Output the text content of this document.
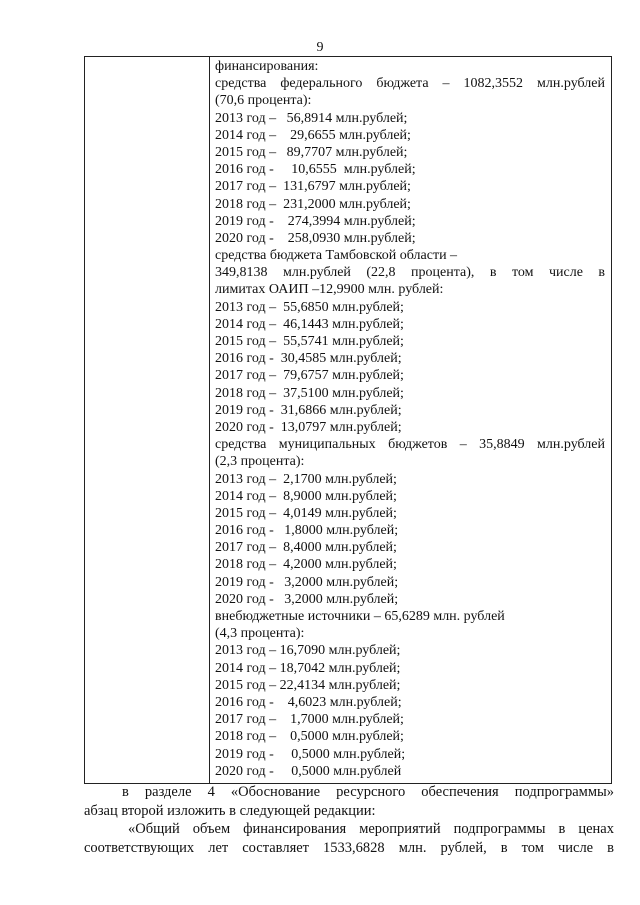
9
финансирования:
средства федерального бюджета – 1082,3552 млн.рублей
(70,6 процента):
2013 год –   56,8914 млн.рублей;
2014 год –    29,6655 млн.рублей;
2015 год –   89,7707 млн.рублей;
2016 год -     10,6555  млн.рублей;
2017 год –  131,6797 млн.рублей;
2018 год –  231,2000 млн.рублей;
2019 год -    274,3994 млн.рублей;
2020 год -    258,0930 млн.рублей;
средства бюджета Тамбовской области –
349,8138 млн.рублей (22,8 процента), в том числе в
лимитах ОАИП –12,9900 млн. рублей:
2013 год –  55,6850 млн.рублей;
2014 год –  46,1443 млн.рублей;
2015 год –  55,5741 млн.рублей;
2016 год -  30,4585 млн.рублей;
2017 год –  79,6757 млн.рублей;
2018 год –  37,5100 млн.рублей;
2019 год -  31,6866 млн.рублей;
2020 год -  13,0797 млн.рублей;
средства муниципальных бюджетов – 35,8849 млн.рублей
(2,3 процента):
2013 год –  2,1700 млн.рублей;
2014 год –  8,9000 млн.рублей;
2015 год –  4,0149 млн.рублей;
2016 год -   1,8000 млн.рублей;
2017 год –  8,4000 млн.рублей;
2018 год –  4,2000 млн.рублей;
2019 год -   3,2000 млн.рублей;
2020 год -   3,2000 млн.рублей;
внебюджетные источники – 65,6289 млн. рублей
(4,3 процента):
2013 год – 16,7090 млн.рублей;
2014 год – 18,7042 млн.рублей;
2015 год – 22,4134 млн.рублей;
2016 год -    4,6023 млн.рублей;
2017 год –    1,7000 млн.рублей;
2018 год –    0,5000 млн.рублей;
2019 год -     0,5000 млн.рублей;
2020 год -     0,5000 млн.рублей
в разделе 4 «Обоснование ресурсного обеспечения подпрограммы»
абзац второй изложить в следующей редакции:
«Общий объем финансирования мероприятий подпрограммы в ценах
соответствующих лет составляет 1533,6828 млн. рублей, в том числе в
